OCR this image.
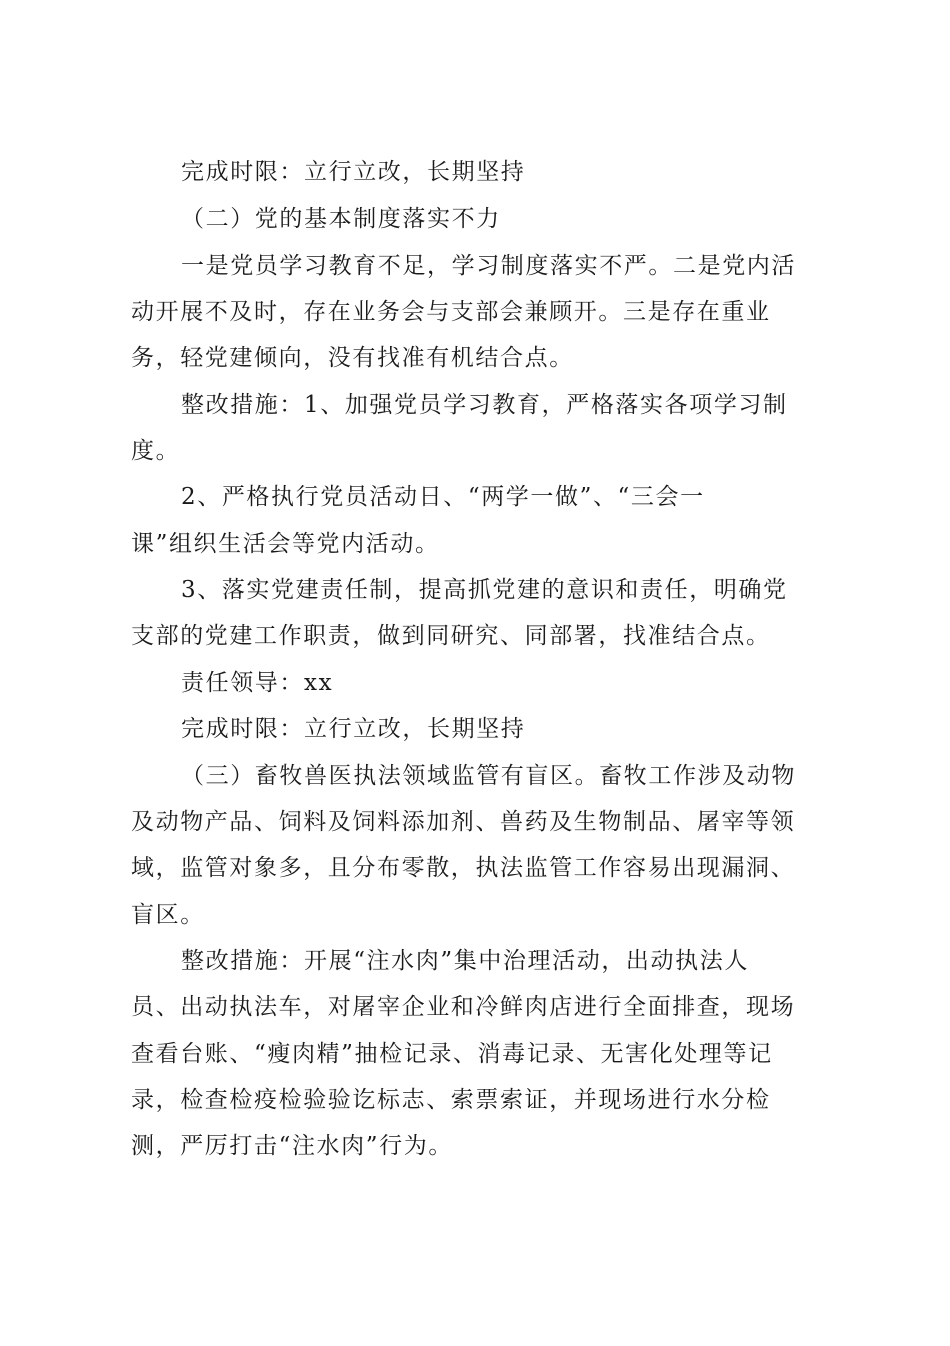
完成时限：立行立改，长期坚持
（二）党的基本制度落实不力
一是党员学习教育不足，学习制度落实不严。二是党内活
动开展不及时，存在业务会与支部会兼顾开。三是存在重业
务，轻党建倾向，没有找准有机结合点。
整改措施：1、加强党员学习教育，严格落实各项学习制
度。
2、严格执行党员活动日、“两学一做”、“三会一
课”组织生活会等党内活动。
3、落实党建责任制，提高抓党建的意识和责任，明确党
支部的党建工作职责，做到同研究、同部署，找准结合点。
责任领导：xx
完成时限：立行立改，长期坚持
（三）畜牧兽医执法领域监管有盲区。畜牧工作涉及动物
及动物产品、饲料及饲料添加剂、兽药及生物制品、屠宰等领
域，监管对象多，且分布零散，执法监管工作容易出现漏洞、
盲区。
整改措施：开展“注水肉”集中治理活动，出动执法人
员、出动执法车，对屠宰企业和冷鲜肉店进行全面排查，现场
查看台账、“瘦肉精”抽检记录、消毒记录、无害化处理等记
录，检查检疫检验验讫标志、索票索证，并现场进行水分检
测，严厉打击“注水肉”行为。
